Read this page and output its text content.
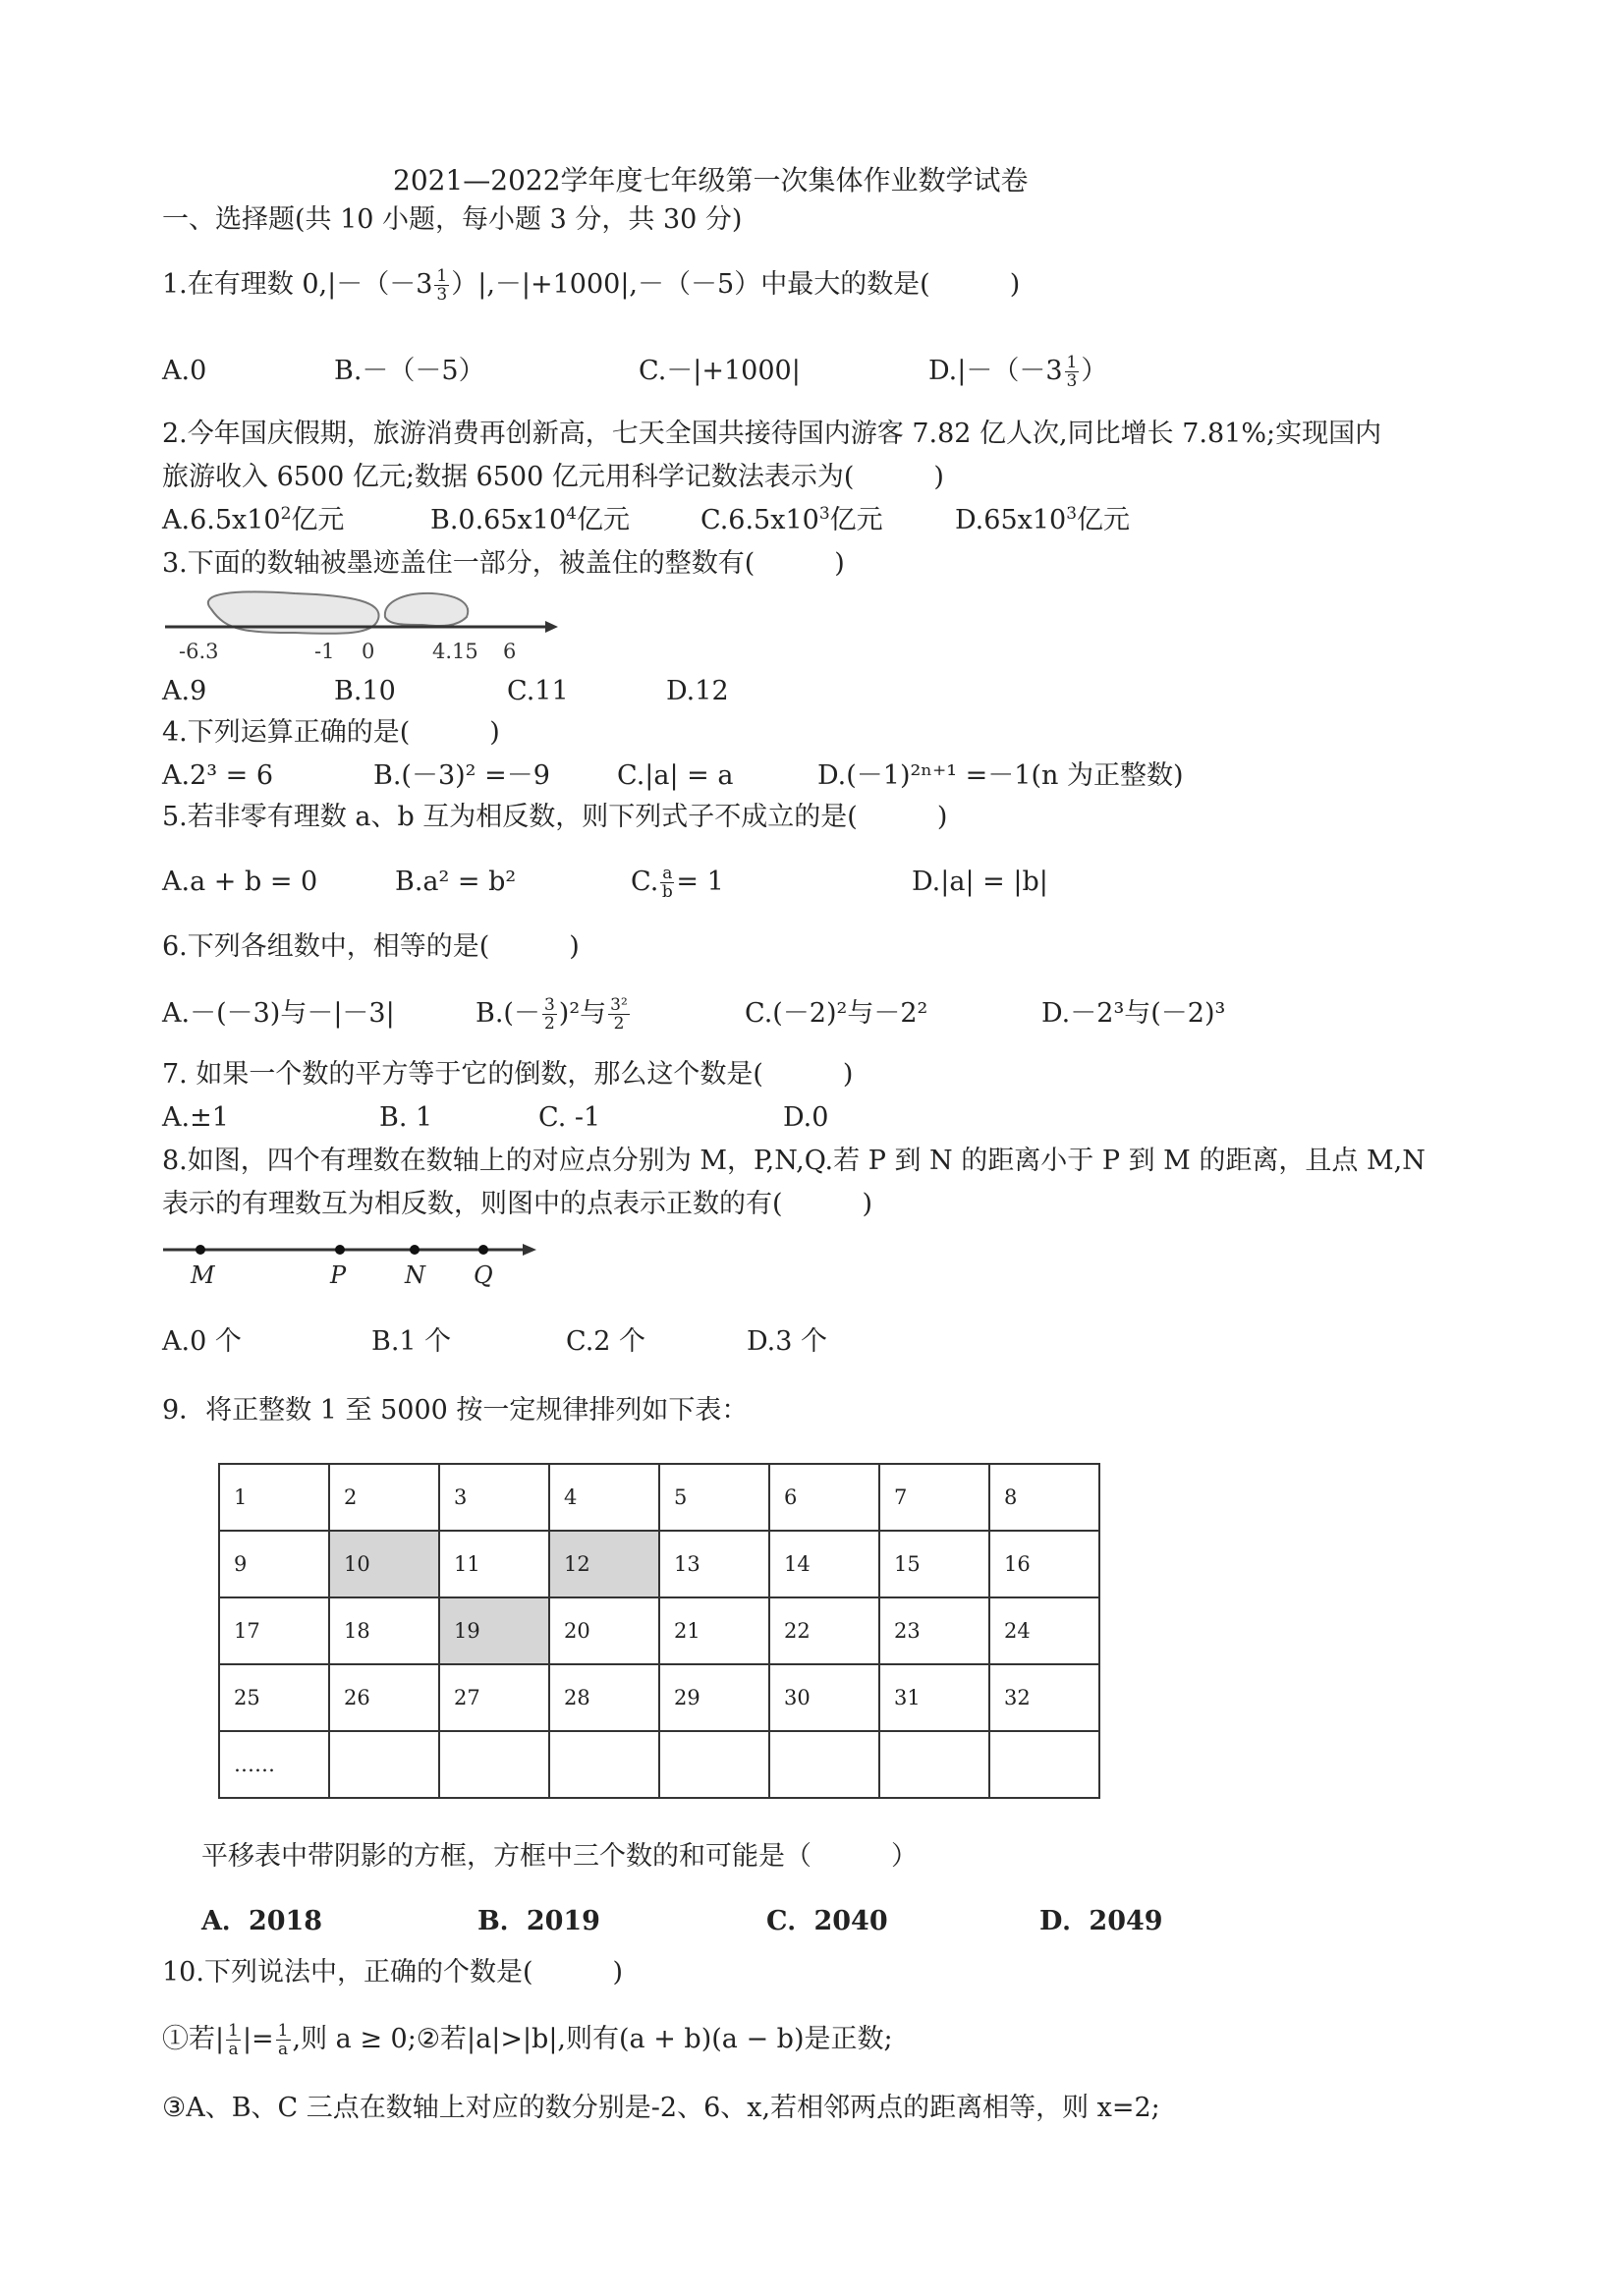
2021—2022学年度七年级第一次集体作业数学试卷
一、选择题(共 10 小题，每小题 3 分，共 30 分)
1.在有理数 $0,|-(-3 \frac{1}{3} )|,-|+1000|,-(-5)$中最大的数是(　　　)
A.0	B.－（－5）	C.－|+1000|	$D.|-(-3 \frac{1}{3}$ ）
2.今年国庆假期，旅游消费再创新高，七天全国共接待国内游客 7.82 亿人次,同比增长 7.81%;实现国内
旅游收入 6500 亿元;数据 6500 亿元用科学记数法表示为(　　　)
$A.6.5x10^2$亿元	$B.0.65x10^4$亿元	$C.6.5x10^3$亿元	$D.65x10^3$亿元
3.下面的数轴被墨迹盖住一部分，被盖住的整数有(　　　)
-6.3	-1 0	4.15 6
A.9	B.10	C.11	D.12
4.下列运算正确的是(　　　)
A.2³ = 6	B.(－3)² =－9	C.|a| = a	D.(－1)²ⁿ⁺¹ =－1(n 为正整数)
5.若非零有理数 a、b 互为相反数，则下列式子不成立的是(　　　)
A.a + b = 0	B.a² = b²	C. $\frac{a}{b} = 1$	D.|a| = |b|
6.下列各组数中，相等的是(　　　)
A.－(－3)与－|－3|	$B.(- \frac{3}{2} )^2$与 $\frac{\text{3²}}{2}$	C.(－2)²与－2²	D.－2³与(－2)³
7. 如果一个数的平方等于它的倒数，那么这个数是(　　　)
A.±1	B. 1	C. -1	D.0
8.如图，四个有理数在数轴上的对应点分别为 M，P,N,Q.若 P 到 N 的距离小于 P 到 M 的距离，且点 M,N
表示的有理数互为相反数，则图中的点表示正数的有(　　　)
M	P N Q
A.0 个	B.1 个	C.2 个	D.3 个
9．将正整数 1 至 5000 按一定规律排列如下表：
1	2	3	4	5	6	7	8
9	10	11	12	13	14	15	16
17	18	19	20	21	22	23	24
25	26	27	28	29	30	31	32
……							
平移表中带阴影的方框，方框中三个数的和可能是（　　　）
A．2018	B．2019	C．2040	D．2049
10.下列说法中，正确的个数是(　　　)
①若| $\frac{1}{a}$ |= $\frac{1}{a}$ ,则 a ≥ 0;②若|a|>|b|,则有(a + b)(a − b)是正数;
③A、B、C 三点在数轴上对应的数分别是-2、6、x,若相邻两点的距离相等，则 x=2;
